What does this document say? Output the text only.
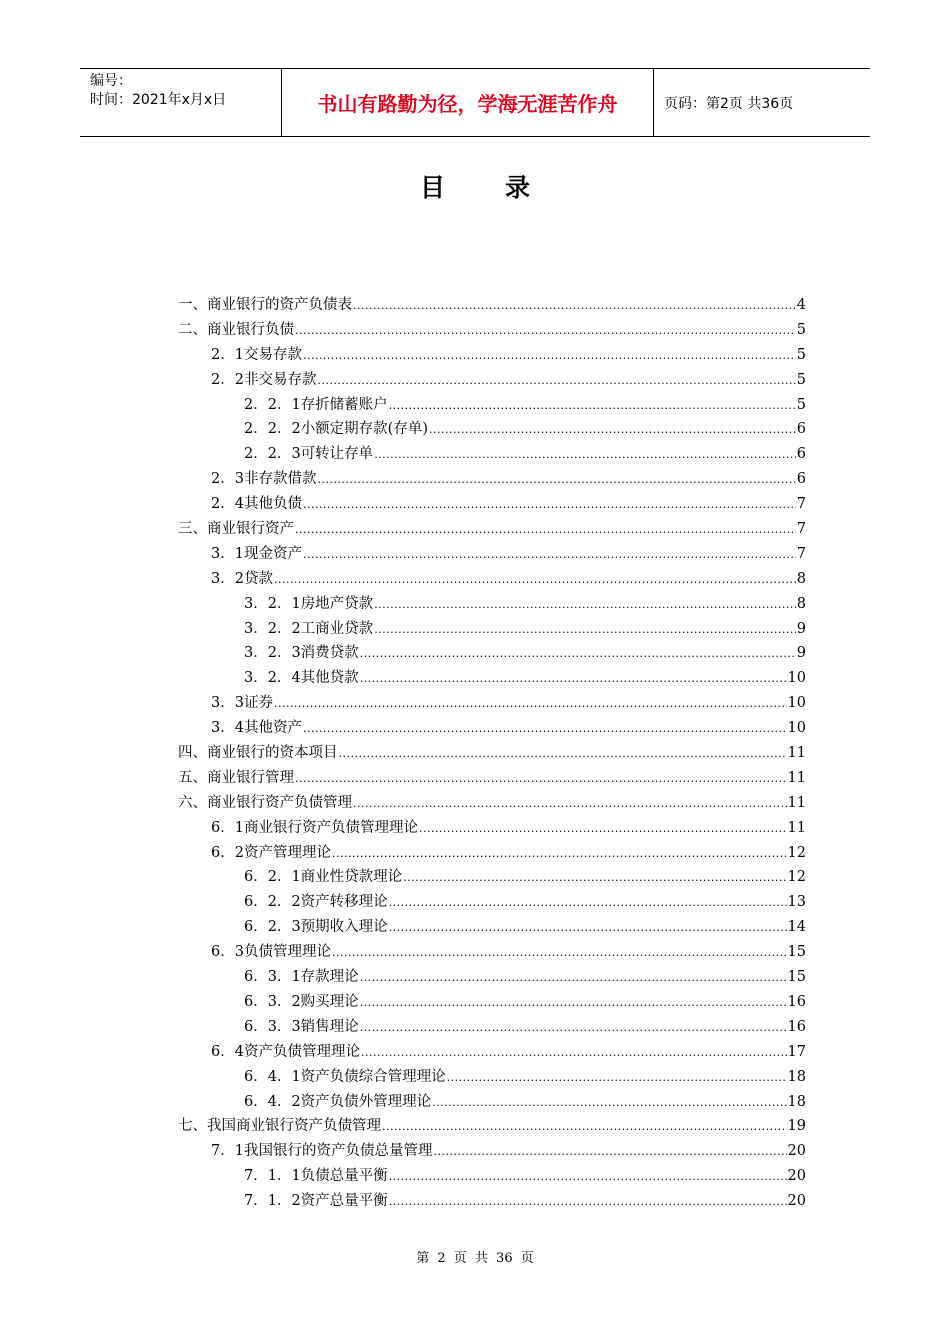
编号：
时间：2021年x月x日	书山有路勤为径，学海无涯苦作舟	页码：第2页 共36页
目录
一、商业银行的资产负债表 .....	4
二、商业银行负债 .....	5
2．1交易存款 .....	5
2．2非交易存款 .....	5
2．2．1存折储蓄账户 .....	5
2．2．2小额定期存款(存单) .....	6
2．2．3可转让存单 .....	6
2．3非存款借款 .....	6
2．4其他负债 .....	7
三、商业银行资产 .....	7
3．1现金资产 .....	7
3．2贷款 .....	8
3．2．1房地产贷款 .....	8
3．2．2工商业贷款 .....	9
3．2．3消费贷款 .....	9
3．2．4其他贷款 .....	10
3．3证券 .....	10
3．4其他资产 .....	10
四、商业银行的资本项目 .....	11
五、商业银行管理 .....	11
六、商业银行资产负债管理 .....	11
6．1商业银行资产负债管理理论 .....	11
6．2资产管理理论 .....	12
6．2．1商业性贷款理论 .....	12
6．2．2资产转移理论 .....	13
6．2．3预期收入理论 .....	14
6．3负债管理理论 .....	15
6．3．1存款理论 .....	15
6．3．2购买理论 .....	16
6．3．3销售理论 .....	16
6．4资产负债管理理论 .....	17
6．4．1资产负债综合管理理论 .....	18
6．4．2资产负债外管理理论 .....	18
七、我国商业银行资产负债管理 .....	19
7．1我国银行的资产负债总量管理 .....	20
7．1．1负债总量平衡 .....	20
7．1．2资产总量平衡 .....	20
第 2 页 共 36 页
